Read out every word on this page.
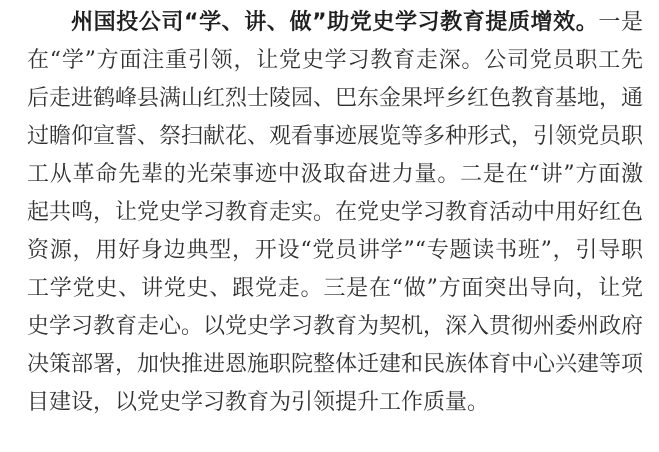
州国投公司“学、讲、做”助党史学习教育提质增效。一是在“学”方面注重引领，让党史学习教育走深。公司党员职工先后走进鹤峰县满山红烈士陵园、巴东金果坪乡红色教育基地，通过瞻仰宣誓、祭扫献花、观看事迹展览等多种形式，引领党员职工从革命先辈的光荣事迹中汲取奋进力量。二是在“讲”方面激起共鸣，让党史学习教育走实。在党史学习教育活动中用好红色资源，用好身边典型，开设“党员讲学”“专题读书班”，引导职工学党史、讲党史、跟党走。三是在“做”方面突出导向，让党史学习教育走心。以党史学习教育为契机，深入贯彻州委州政府决策部署，加快推进恩施职院整体迁建和民族体育中心兴建等项目建设，以党史学习教育为引领提升工作质量。
